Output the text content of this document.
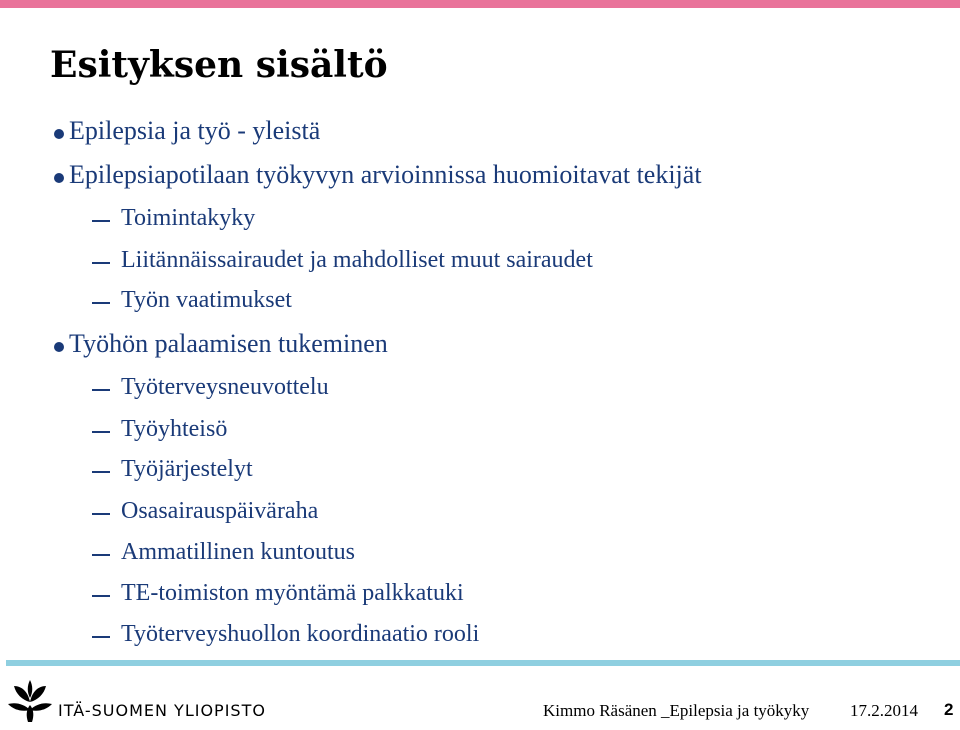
Esityksen sisältö
Epilepsia ja työ - yleistä
Epilepsiapotilaan työkyvyn arvioinnissa huomioitavat tekijät
Toimintakyky
Liitännäissairaudet ja mahdolliset muut sairaudet
Työn vaatimukset
Työhön palaamisen tukeminen
Työterveysneuvottelu
Työyhteisö
Työjärjestelyt
Osasairauspäiväraha
Ammatillinen kuntoutus
TE-toimiston myöntämä palkkatuki
Työterveyshuollon koordinaatio rooli
ITÄ-SUOMEN YLIOPISTO	Kimmo Räsänen _Epilepsia ja työkyky 17.2.2014 2
